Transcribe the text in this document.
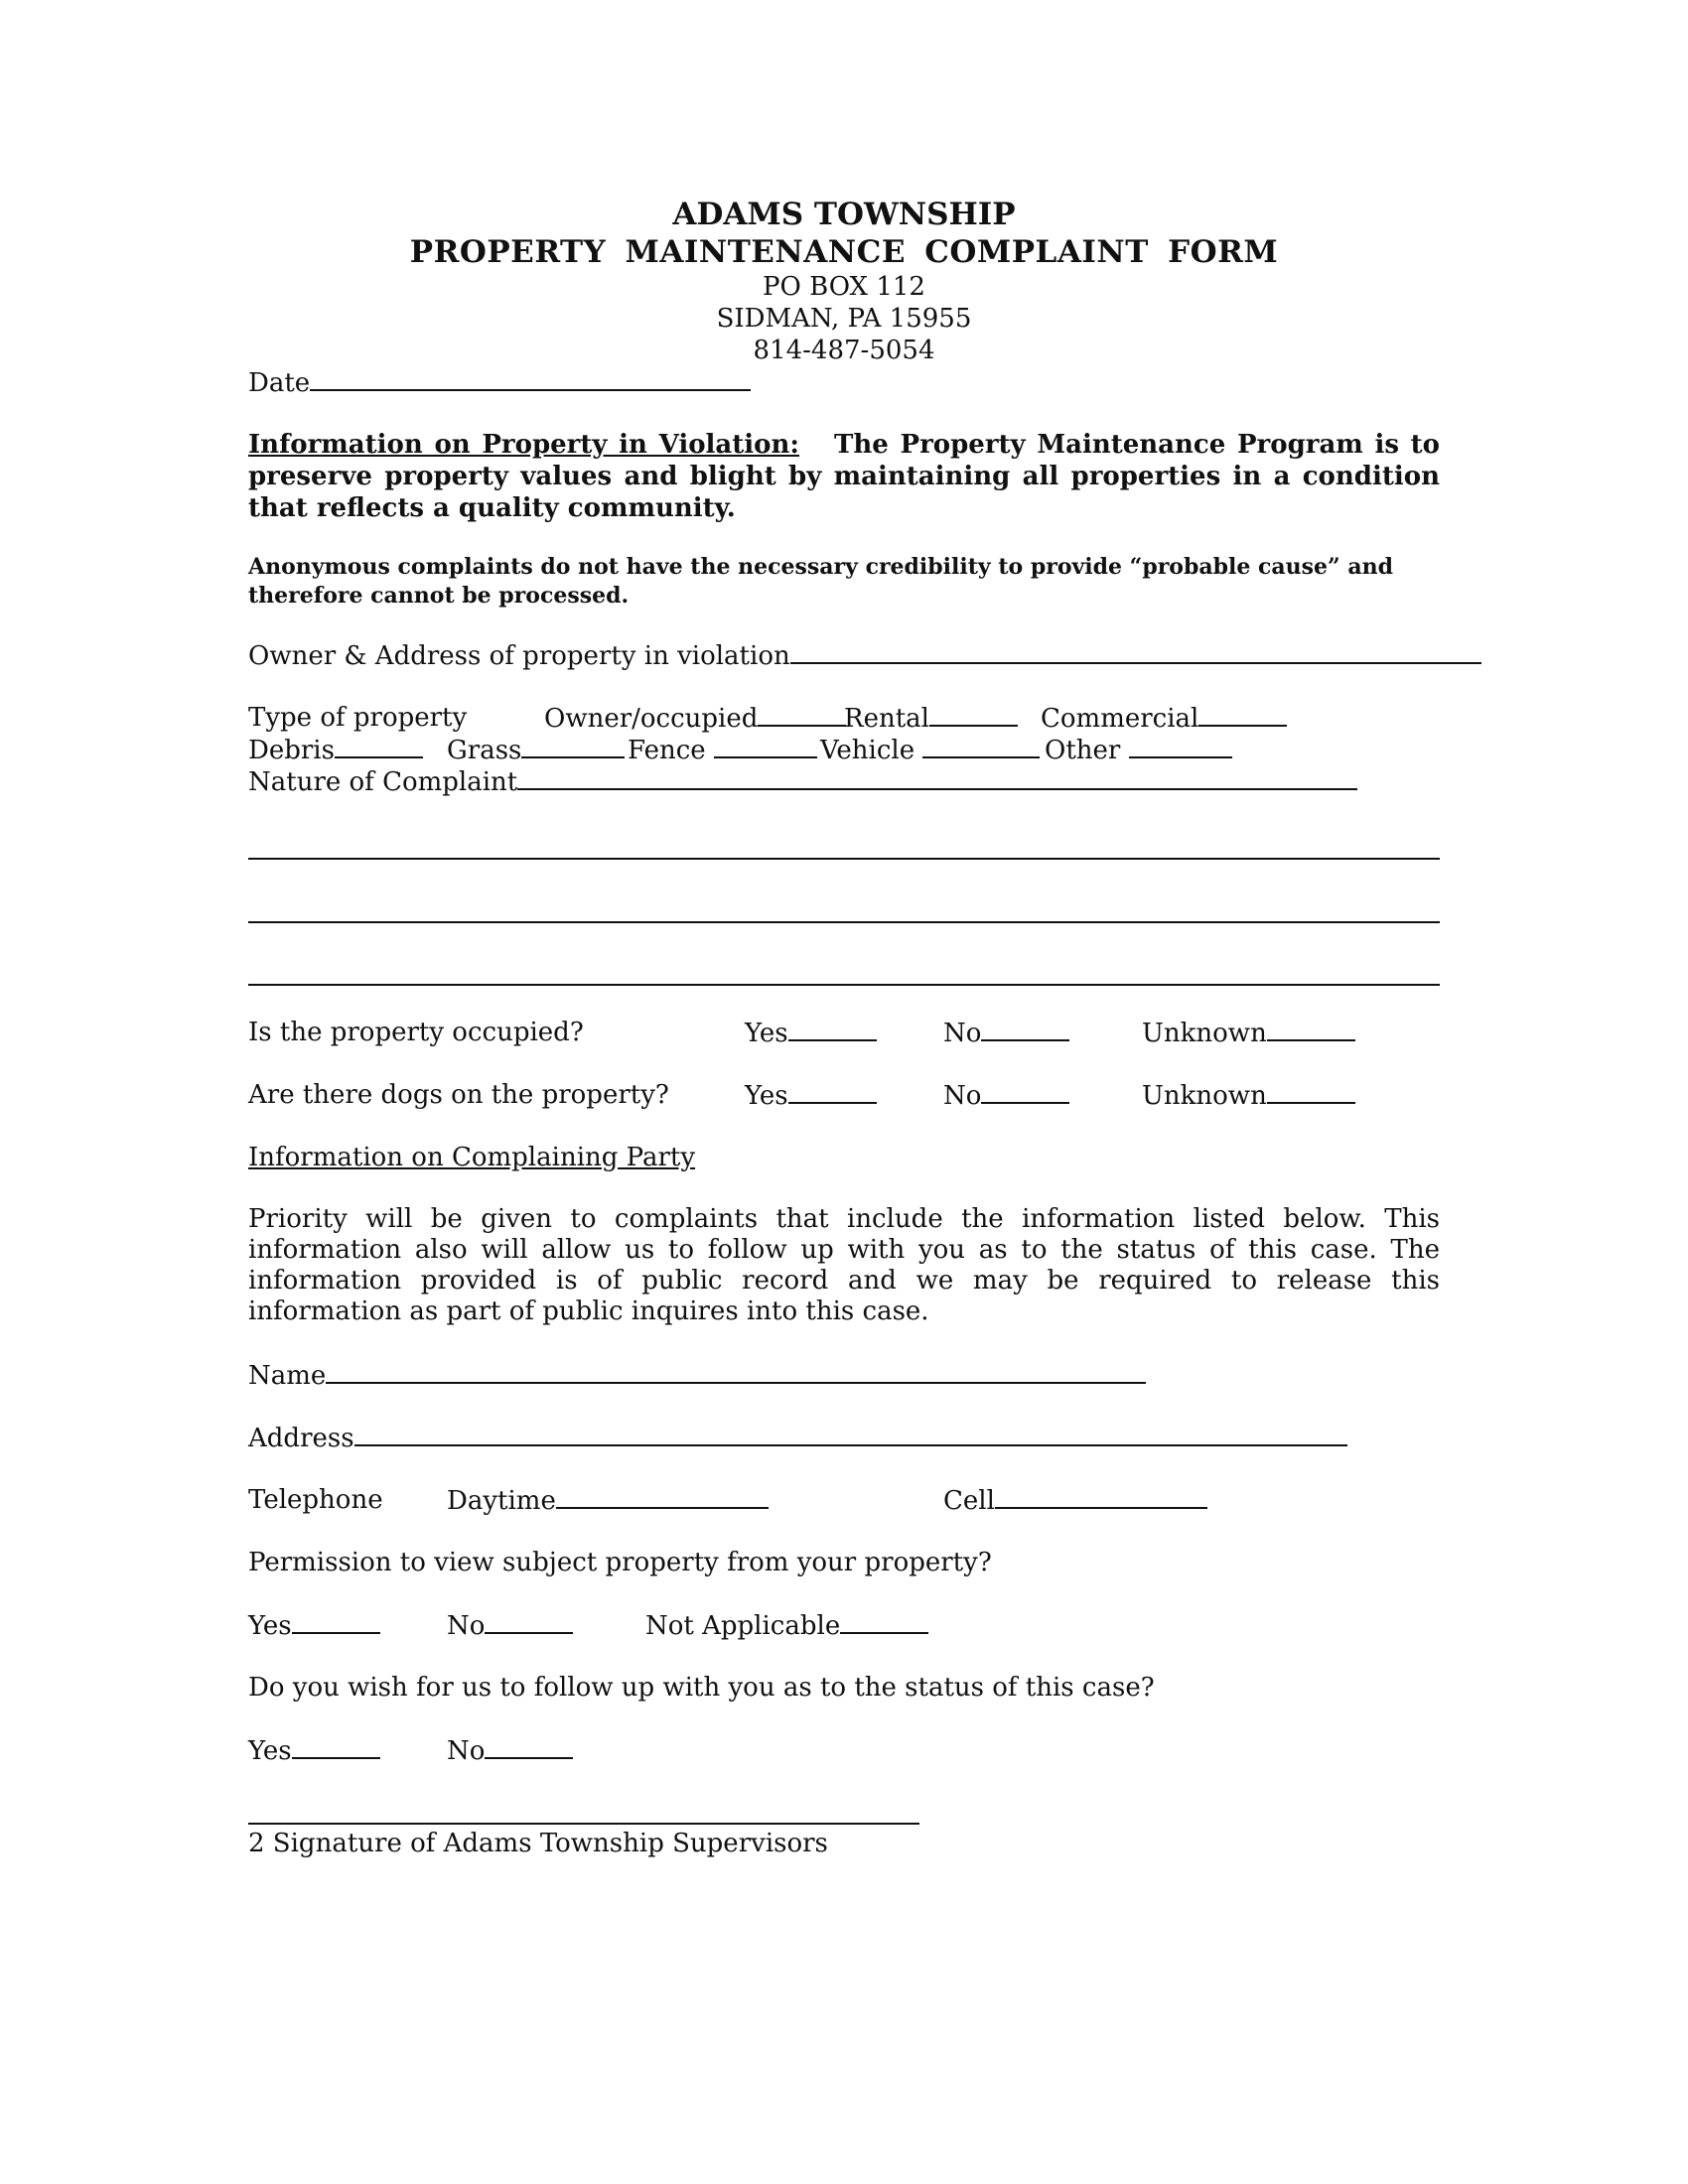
ADAMS TOWNSHIP
PROPERTY MAINTENANCE COMPLAINT FORM
PO BOX 112
SIDMAN, PA 15955
814-487-5054
Date
Information on Property in Violation: The Property Maintenance Program is to preserve property values and blight by maintaining all properties in a condition that reflects a quality community.
Anonymous complaints do not have the necessary credibility to provide “probable cause” and therefore cannot be processed.
Owner & Address of property in violation
Type of property	Owner/occupied	Rental	Commercial
Debris	Grass	Fence	Vehicle	Other
Nature of Complaint
Is the property occupied?	Yes	No	Unknown
Are there dogs on the property?	Yes	No	Unknown
Information on Complaining Party
Priority will be given to complaints that include the information listed below. This information also will allow us to follow up with you as to the status of this case. The information provided is of public record and we may be required to release this information as part of public inquires into this case.
Name
Address
Telephone Daytime	Cell
Permission to view subject property from your property?
Yes	No	Not Applicable
Do you wish for us to follow up with you as to the status of this case?
Yes	No
2 Signature of Adams Township Supervisors
